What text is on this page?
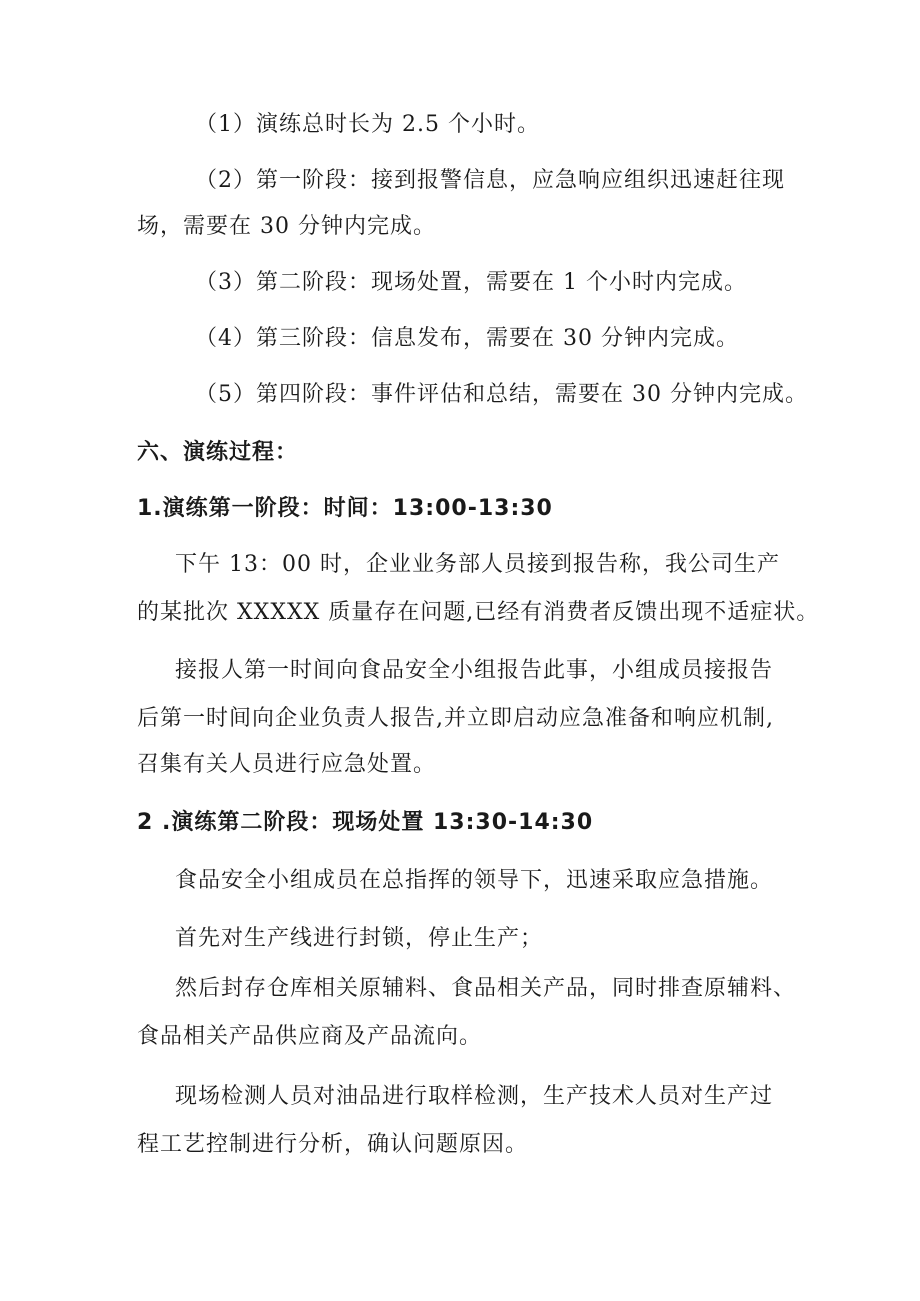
（1）演练总时长为 2.5 个小时。
（2）第一阶段：接到报警信息，应急响应组织迅速赶往现
场，需要在 30 分钟内完成。
（3）第二阶段：现场处置，需要在 1 个小时内完成。
（4）第三阶段：信息发布，需要在 30 分钟内完成。
（5）第四阶段：事件评估和总结，需要在 30 分钟内完成。
六、演练过程：
1.演练第一阶段：时间：13:00-13:30
下午 13：00 时，企业业务部人员接到报告称，我公司生产
的某批次 XXXXX 质量存在问题,已经有消费者反馈出现不适症状。
接报人第一时间向食品安全小组报告此事，小组成员接报告
后第一时间向企业负责人报告,并立即启动应急准备和响应机制,
召集有关人员进行应急处置。
2 .演练第二阶段：现场处置 13:30-14:30
食品安全小组成员在总指挥的领导下，迅速采取应急措施。
首先对生产线进行封锁，停止生产；
然后封存仓库相关原辅料、食品相关产品，同时排查原辅料、
食品相关产品供应商及产品流向。
现场检测人员对油品进行取样检测，生产技术人员对生产过
程工艺控制进行分析，确认问题原因。
